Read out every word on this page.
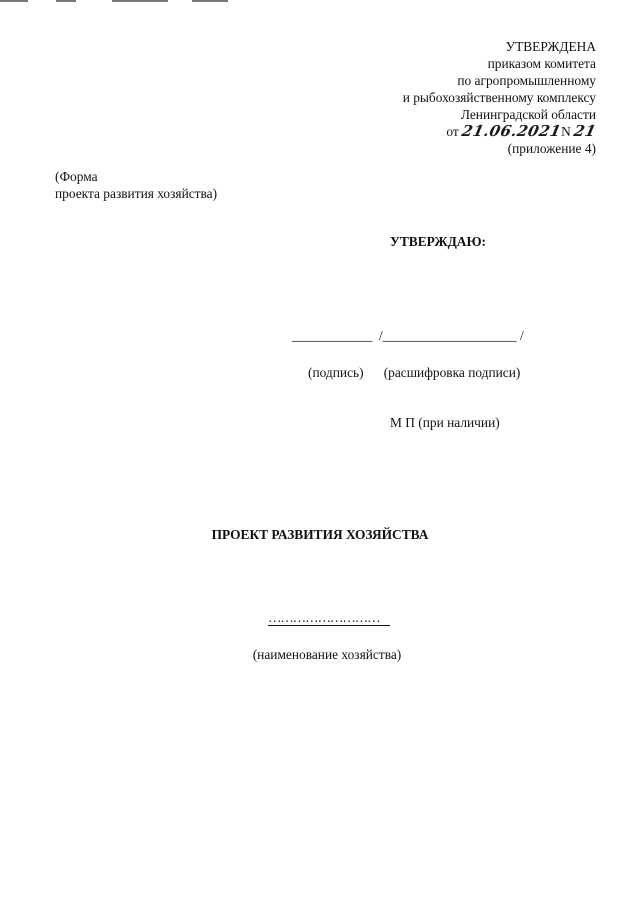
УТВЕРЖДЕНА
приказом комитета
по агропромышленному
и рыбохозяйственному комплексу
Ленинградской области
от 21.06.2021N 21
(приложение 4)
(Форма
проекта развития хозяйства)
УТВЕРЖДАЮ:
____________  /____________________ /
(подпись) (расшифровка подписи)
М П (при наличии)
ПРОЕКТ РАЗВИТИЯ ХОЗЯЙСТВА
………………………
(наименование хозяйства)
